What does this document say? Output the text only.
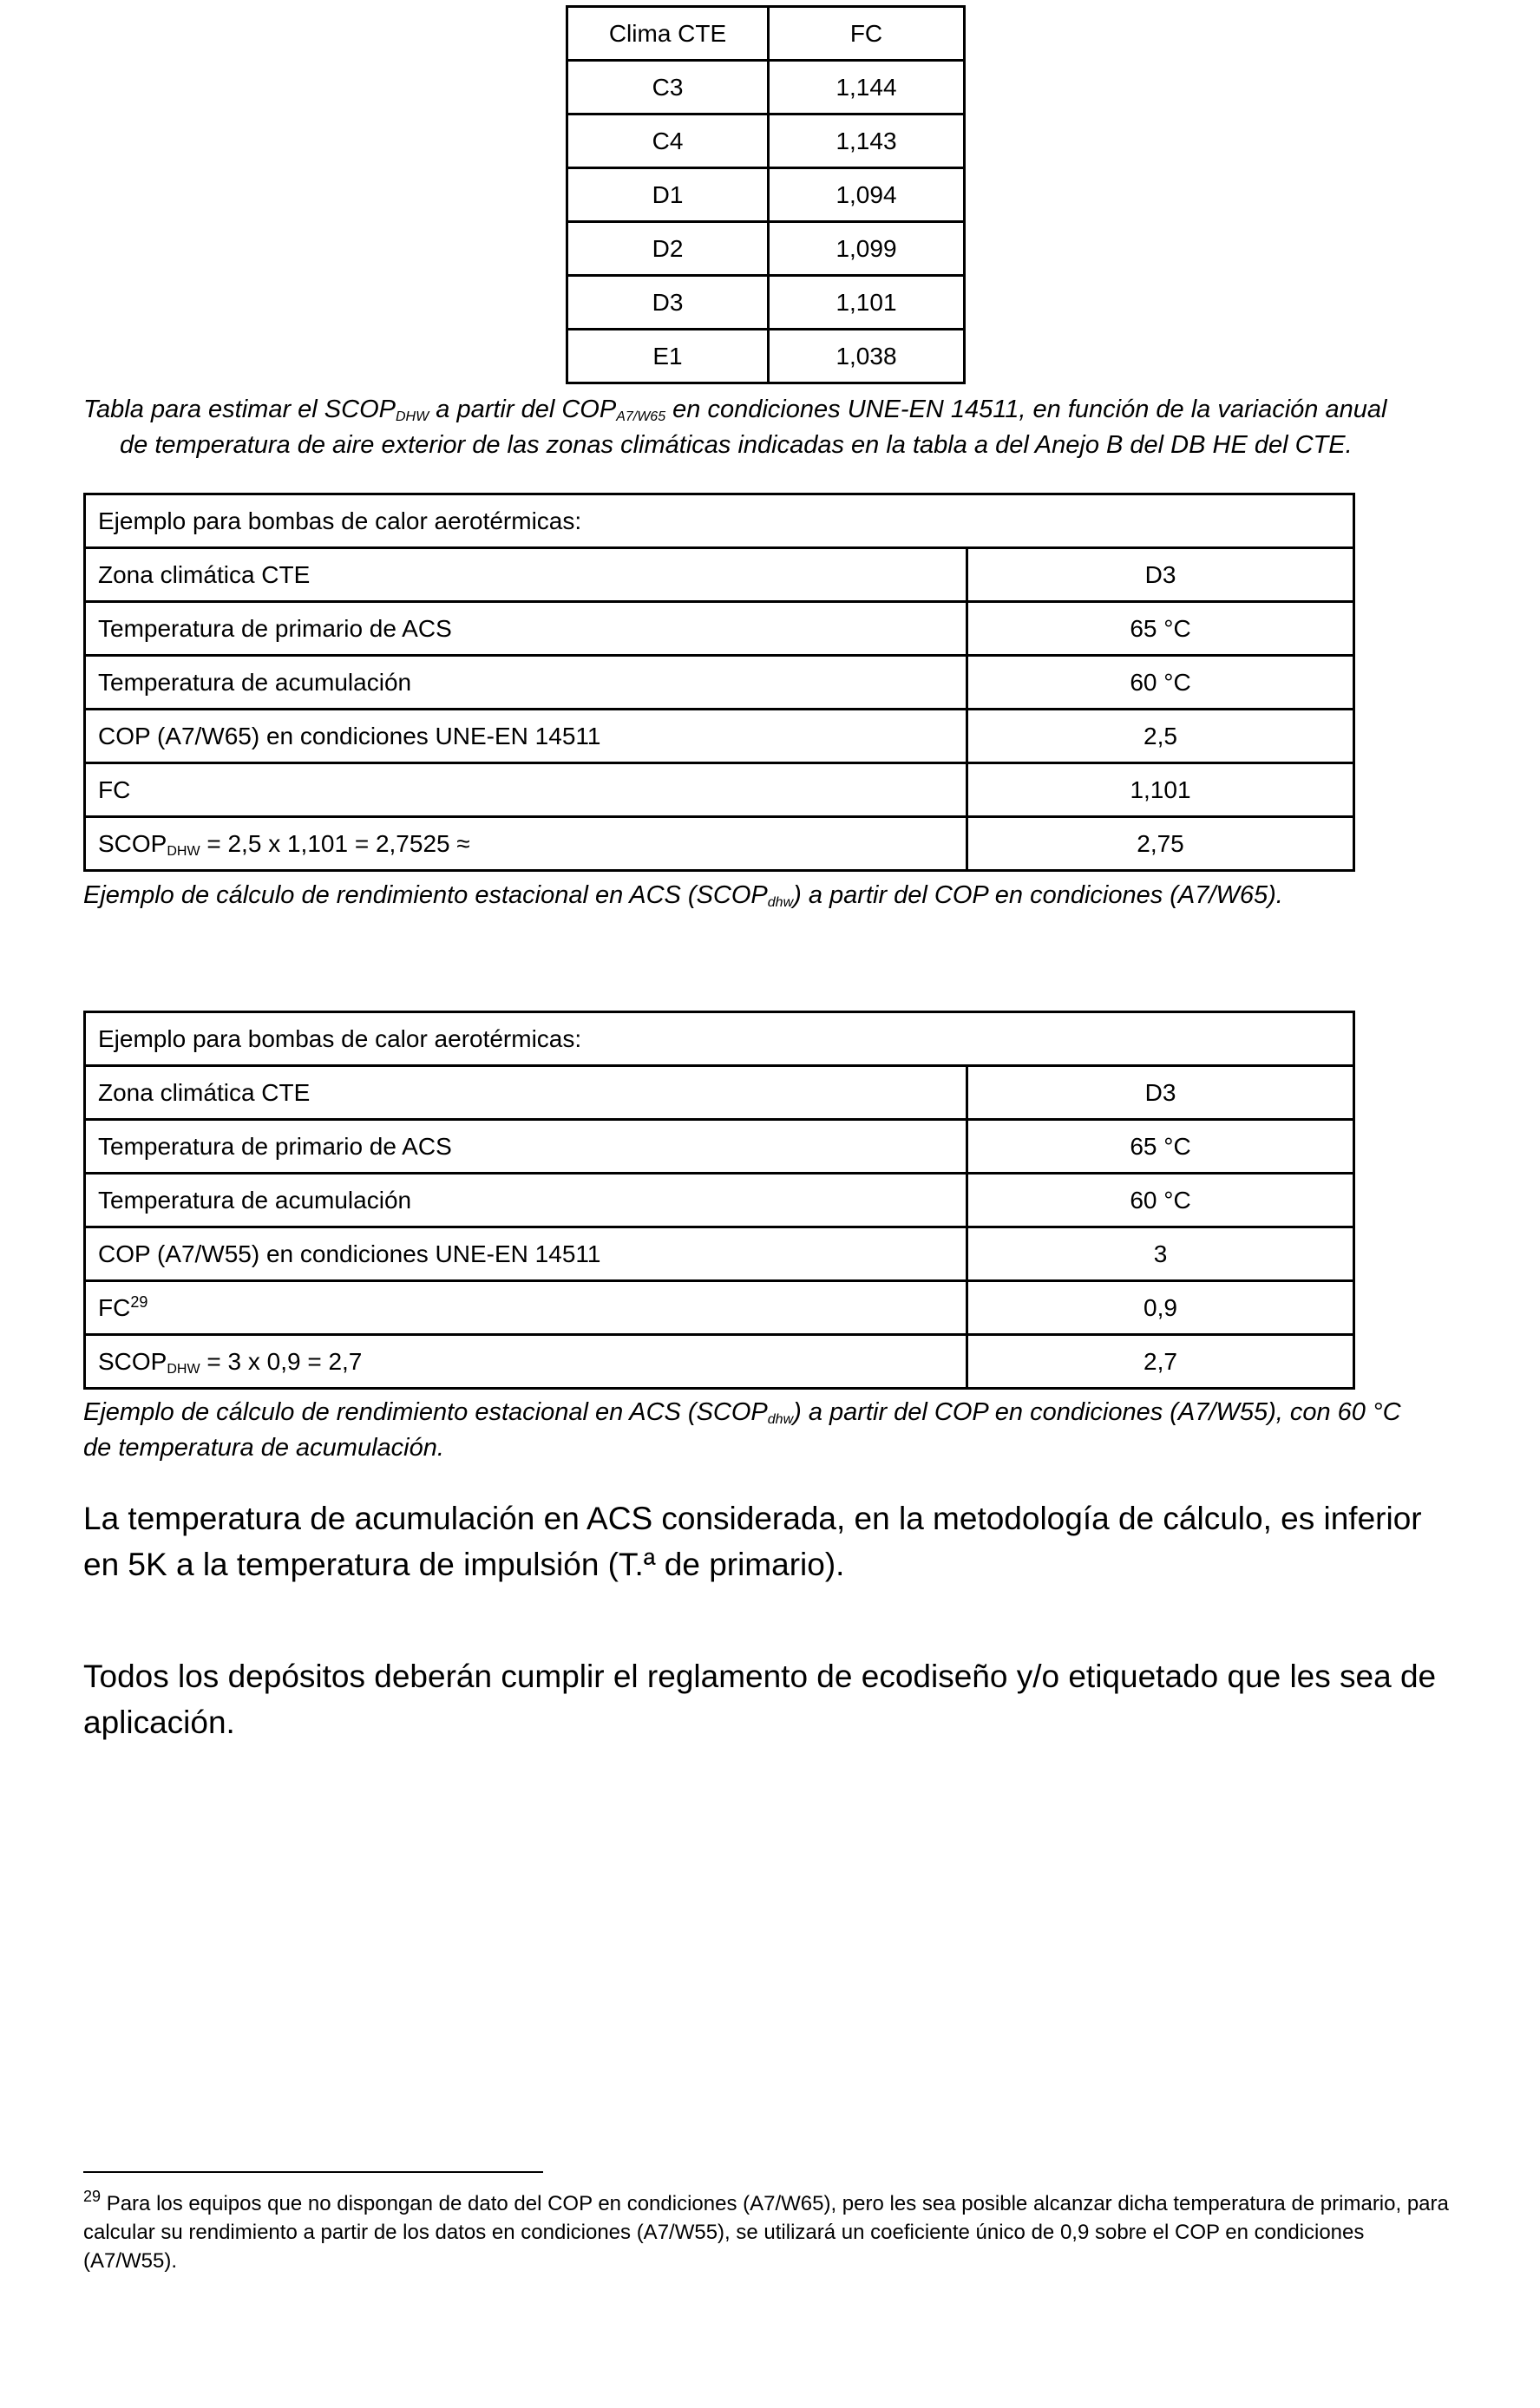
Clima CTE	FC
C3	1,144
C4	1,143
D1	1,094
D2	1,099
D3	1,101
E1	1,038
Tabla para estimar el $SCOP_{DHW}$ a partir del $COP_{A7/W65}$ en condiciones UNE-EN 14511, en función de la variación anual
de temperatura de aire exterior de las zonas climáticas indicadas en la tabla a del Anejo B del DB HE del CTE.
Ejemplo para bombas de calor aerotérmicas:	
Zona climática CTE	D3
Temperatura de primario de ACS	65 °C
Temperatura de acumulación	60 °C
COP (A7/W65) en condiciones UNE-EN 14511	2,5
FC	1,101
$SCOP_{DHW} = 2,5$ x 1,101 = 2,7525 ≈	2,75
Ejemplo de cálculo de rendimiento estacional en ACS $(SCOP_{dhw})$ a partir del COP en condiciones (A7/W65).
Ejemplo para bombas de calor aerotérmicas:	
Zona climática CTE	D3
Temperatura de primario de ACS	65 °C
Temperatura de acumulación	60 °C
COP (A7/W55) en condiciones UNE-EN 14511	3
FC$^{29}$	0,9
$SCOP_{DHW} = 3$ x 0,9 = 2,7	2,7
Ejemplo de cálculo de rendimiento estacional en ACS $(SCOP_{dhw})$ a partir del COP en condiciones (A7/W55), con 60 °C
de temperatura de acumulación.
La temperatura de acumulación en ACS considerada, en la metodología de cálculo, es inferior en 5K a la temperatura de impulsión (T.ª de primario).
Todos los depósitos deberán cumplir el reglamento de ecodiseño y/o etiquetado que les sea de aplicación.
$^{29}$ Para los equipos que no dispongan de dato del COP en condiciones (A7/W65), pero les sea posible alcanzar dicha temperatura de primario, para calcular su rendimiento a partir de los datos en condiciones (A7/W55), se utilizará un coeficiente único de 0,9 sobre el COP en condiciones (A7/W55).
